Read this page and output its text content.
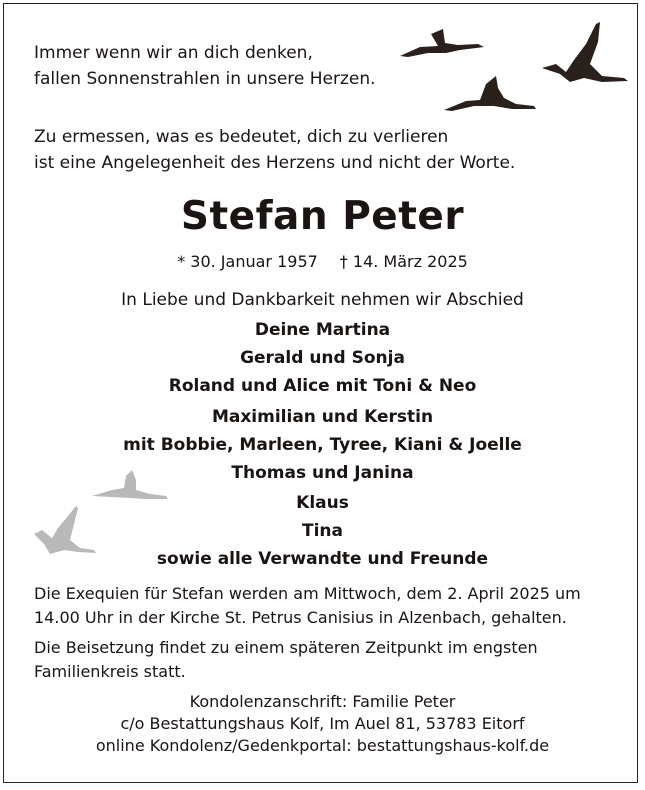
Immer wenn wir an dich denken,
fallen Sonnenstrahlen in unsere Herzen.

Zu ermessen, was es bedeutet, dich zu verlieren
ist eine Angelegenheit des Herzens und nicht der Worte.

Stefan Peter
* 30. Januar 1957 † 14. März 2025
In Liebe und Dankbarkeit nehmen wir Abschied
Deine Martina
Gerald und Sonja
Roland und Alice mit Toni & Neo
Maximilian und Kerstin
mit Bobbie, Marleen, Tyree, Kiani & Joelle
Thomas und Janina
Klaus
Tina
sowie alle Verwandte und Freunde

Die Exequien für Stefan werden am Mittwoch, dem 2. April 2025 um 14.00 Uhr in der Kirche St. Petrus Canisius in Alzenbach, gehalten.

Die Beisetzung findet zu einem späteren Zeitpunkt im engsten Familienkreis statt.

Kondolenzanschrift: Familie Peter
c/o Bestattungshaus Kolf, Im Auel 81, 53783 Eitorf
online Kondolenz/Gedenkportal: bestattungshaus-kolf.de
